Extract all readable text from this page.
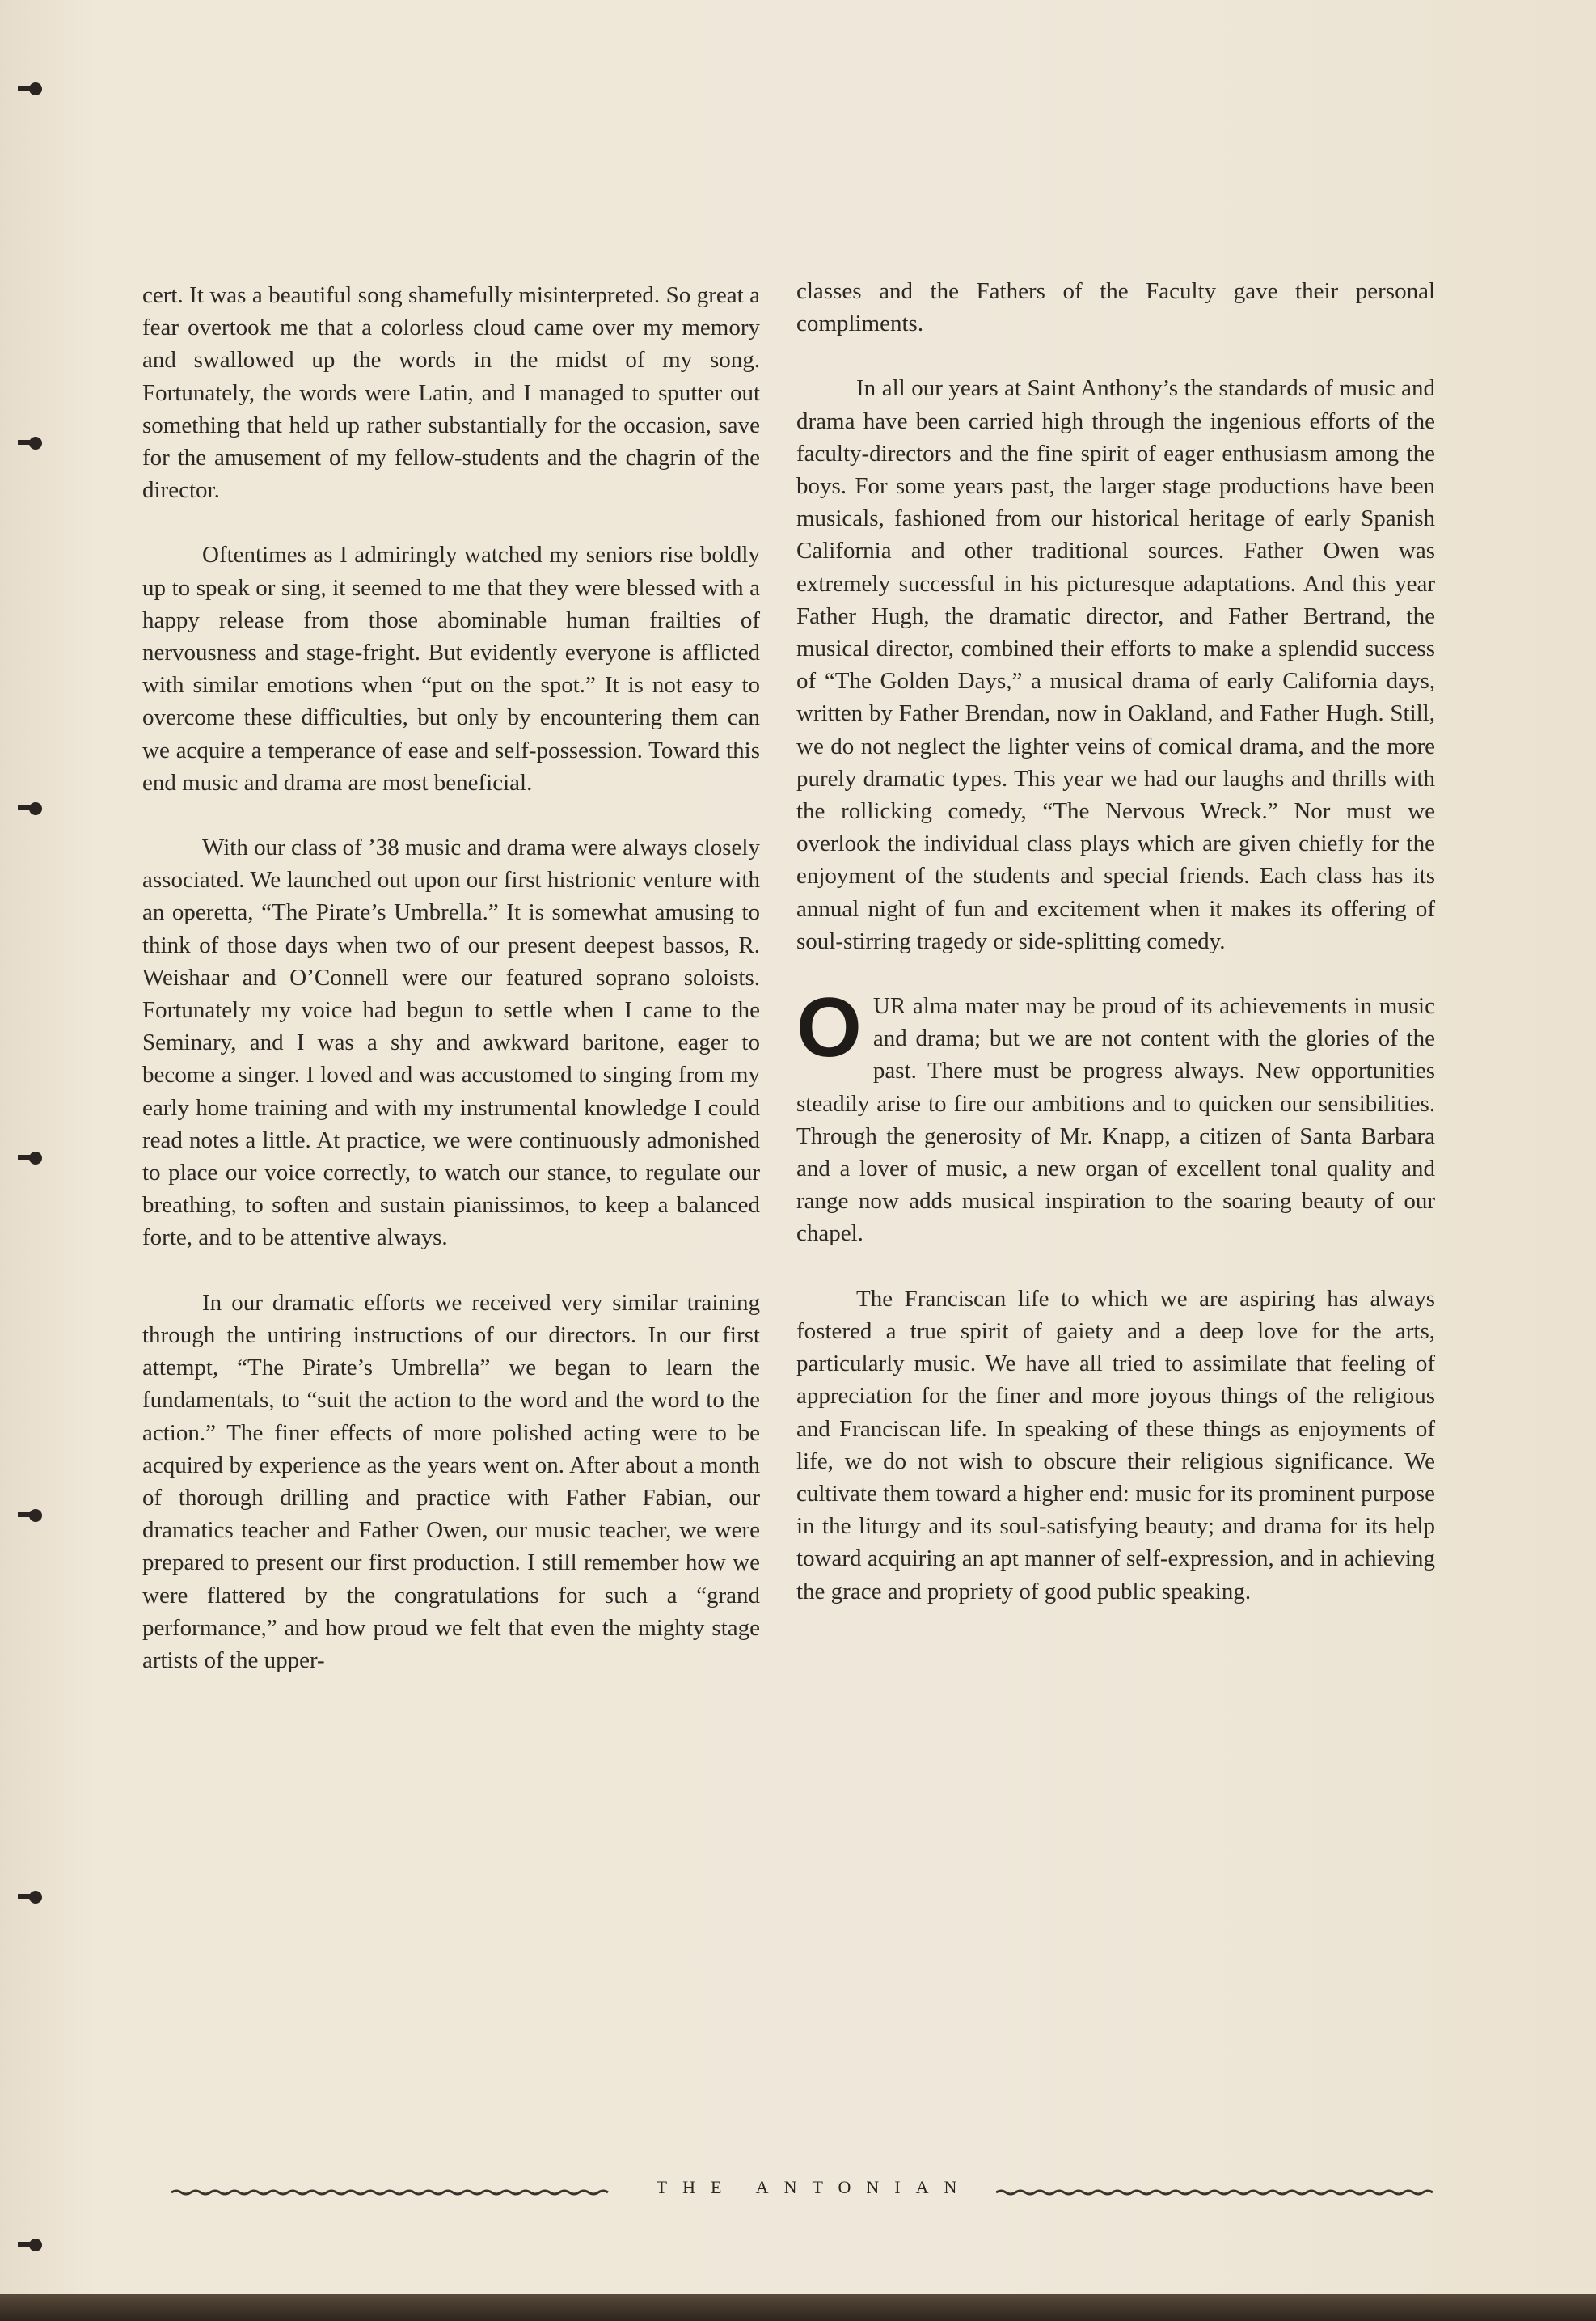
cert. It was a beautiful song shamefully misinterpreted. So great a fear overtook me that a colorless cloud came over my memory and swallowed up the words in the midst of my song. Fortunately, the words were Latin, and I managed to sputter out something that held up rather substantially for the occasion, save for the amusement of my fellow-students and the chagrin of the director.

Oftentimes as I admiringly watched my seniors rise boldly up to speak or sing, it seemed to me that they were blessed with a happy release from those abominable human frailties of nervousness and stage-fright. But evidently everyone is afflicted with similar emotions when “put on the spot.” It is not easy to overcome these difficulties, but only by encountering them can we acquire a temperance of ease and self-possession. Toward this end music and drama are most beneficial.

With our class of ’38 music and drama were always closely associated. We launched out upon our first histrionic venture with an operetta, “The Pirate’s Umbrella.” It is somewhat amusing to think of those days when two of our present deepest bassos, R. Weishaar and O’Connell were our featured soprano soloists. Fortunately my voice had begun to settle when I came to the Seminary, and I was a shy and awkward baritone, eager to become a singer. I loved and was accustomed to singing from my early home training and with my instrumental knowledge I could read notes a little. At practice, we were continuously admonished to place our voice correctly, to watch our stance, to regulate our breathing, to soften and sustain pianissimos, to keep a balanced forte, and to be attentive always.

In our dramatic efforts we received very similar training through the untiring instructions of our directors. In our first attempt, “The Pirate’s Umbrella” we began to learn the fundamentals, to “suit the action to the word and the word to the action.” The finer effects of more polished acting were to be acquired by experience as the years went on. After about a month of thorough drilling and practice with Father Fabian, our dramatics teacher and Father Owen, our music teacher, we were prepared to present our first production. I still remember how we were flattered by the congratulations for such a “grand performance,” and how proud we felt that even the mighty stage artists of the upper-

classes and the Fathers of the Faculty gave their personal compliments.

In all our years at Saint Anthony’s the standards of music and drama have been carried high through the ingenious efforts of the faculty-directors and the fine spirit of eager enthusiasm among the boys. For some years past, the larger stage productions have been musicals, fashioned from our historical heritage of early Spanish California and other traditional sources. Father Owen was extremely successful in his picturesque adaptations. And this year Father Hugh, the dramatic director, and Father Bertrand, the musical director, combined their efforts to make a splendid success of “The Golden Days,” a musical drama of early California days, written by Father Brendan, now in Oakland, and Father Hugh. Still, we do not neglect the lighter veins of comical drama, and the more purely dramatic types. This year we had our laughs and thrills with the rollicking comedy, “The Nervous Wreck.” Nor must we overlook the individual class plays which are given chiefly for the enjoyment of the students and special friends. Each class has its annual night of fun and excitement when it makes its offering of soul-stirring tragedy or side-splitting comedy.

OUR alma mater may be proud of its achievements in music and drama; but we are not content with the glories of the past. There must be progress always. New opportunities steadily arise to fire our ambitions and to quicken our sensibilities. Through the generosity of Mr. Knapp, a citizen of Santa Barbara and a lover of music, a new organ of excellent tonal quality and range now adds musical inspiration to the soaring beauty of our chapel.

The Franciscan life to which we are aspiring has always fostered a true spirit of gaiety and a deep love for the arts, particularly music. We have all tried to assimilate that feeling of appreciation for the finer and more joyous things of the religious and Franciscan life. In speaking of these things as enjoyments of life, we do not wish to obscure their religious significance. We cultivate them toward a higher end: music for its prominent purpose in the liturgy and its soul-satisfying beauty; and drama for its help toward acquiring an apt manner of self-expression, and in achieving the grace and propriety of good public speaking.

THE ANTONIAN
